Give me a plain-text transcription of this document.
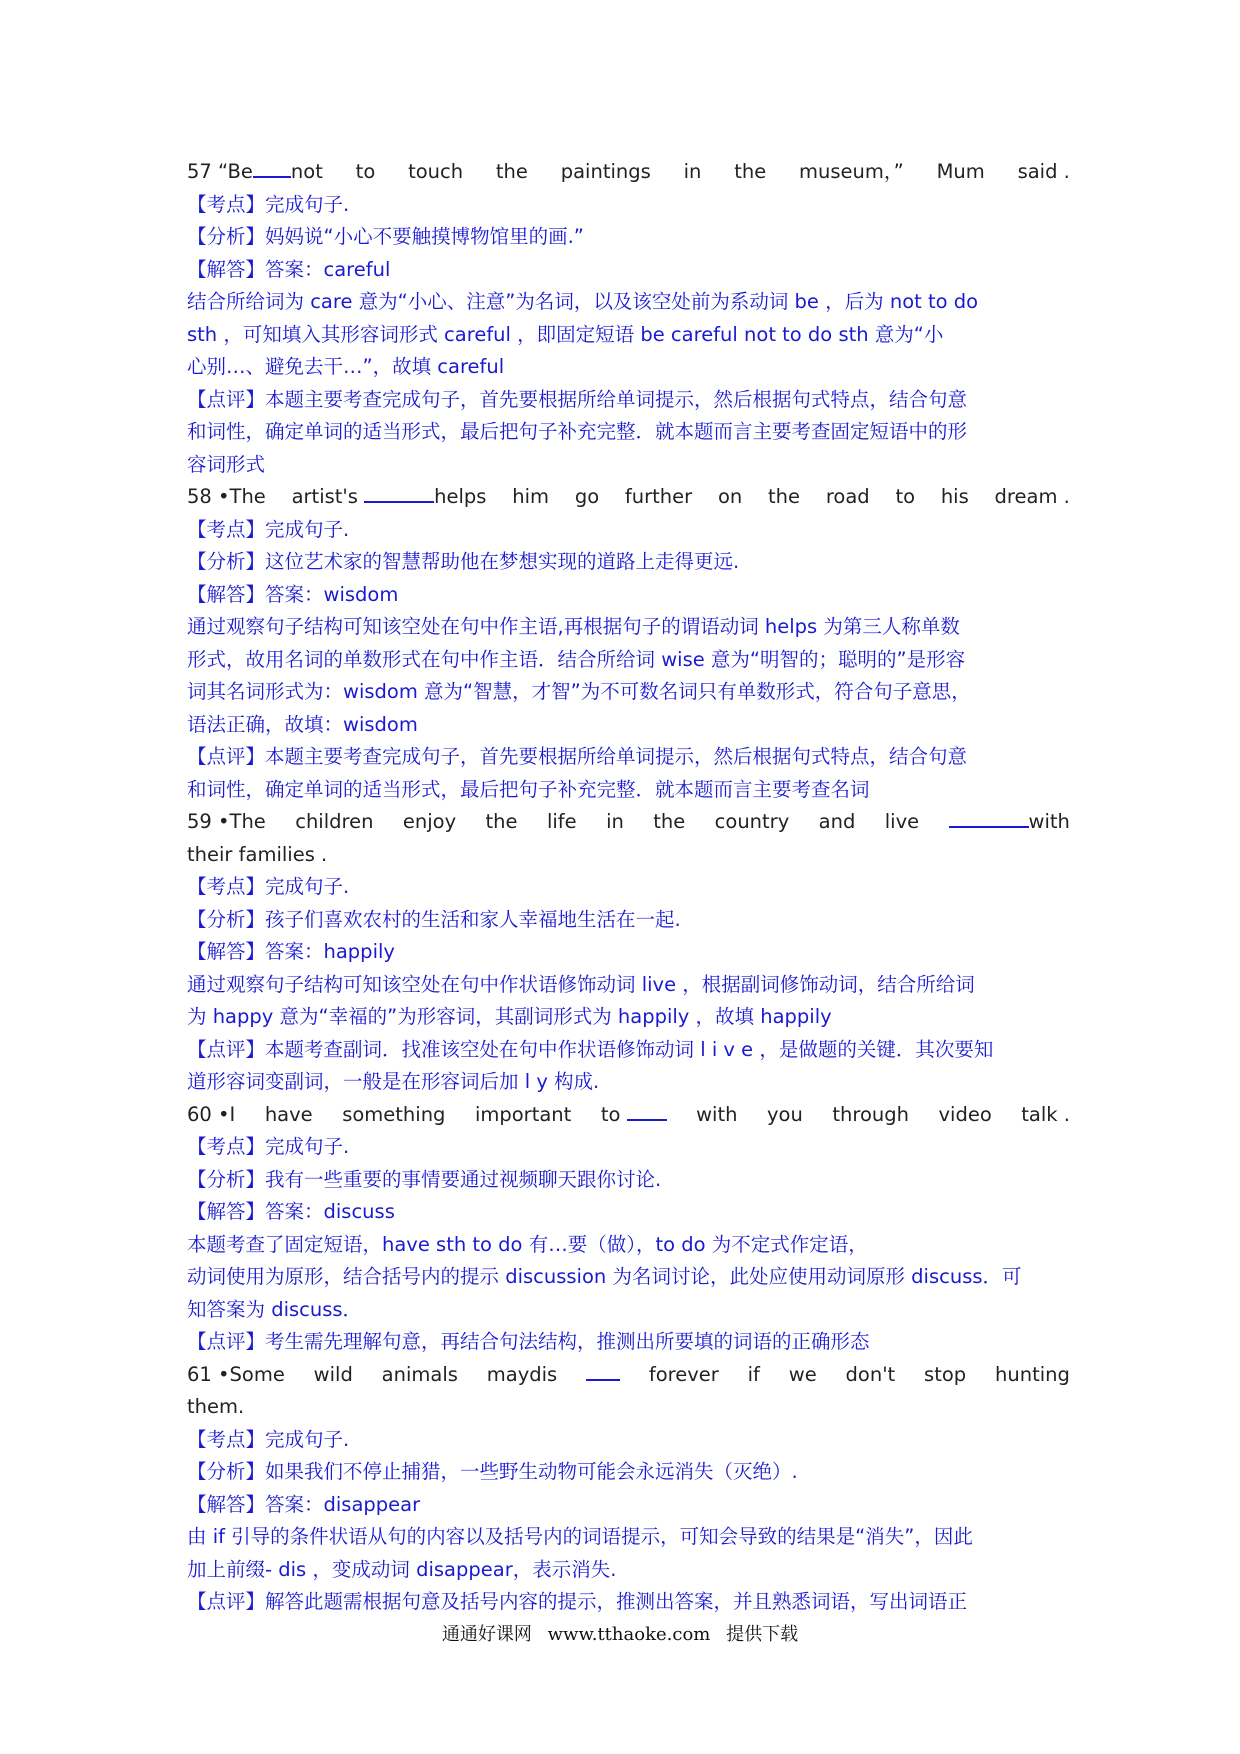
57 “Be not to touch the paintings in the museum，” Mum said .
【考点】完成句子.
【分析】妈妈说“小心不要触摸博物馆里的画.”
【解答】答案：careful
结合所给词为 care 意为“小心、注意”为名词，以及该空处前为系动词 be ，后为 not to do
sth ，可知填入其形容词形式 careful ，即固定短语 be careful not to do sth 意为“小
心别…、避免去干…”，故填 careful
【点评】本题主要考查完成句子，首先要根据所给单词提示，然后根据句式特点，结合句意
和词性，确定单词的适当形式，最后把句子补充完整．就本题而言主要考查固定短语中的形
容词形式
58 •The artist's	helps him go further on the road to his dream .
【考点】完成句子.
【分析】这位艺术家的智慧帮助他在梦想实现的道路上走得更远.
【解答】答案：wisdom
通过观察句子结构可知该空处在句中作主语,再根据句子的谓语动词 helps 为第三人称单数
形式，故用名词的单数形式在句中作主语．结合所给词 wise 意为“明智的；聪明的”是形容
词其名词形式为：wisdom 意为“智慧，才智”为不可数名词只有单数形式，符合句子意思，
语法正确，故填：wisdom
【点评】本题主要考查完成句子，首先要根据所给单词提示，然后根据句式特点，结合句意
和词性，确定单词的适当形式，最后把句子补充完整．就本题而言主要考查名词
59 •The children enjoy the life in the country and live	with
their families .
【考点】完成句子.
【分析】孩子们喜欢农村的生活和家人幸福地生活在一起.
【解答】答案：happily
通过观察句子结构可知该空处在句中作状语修饰动词 live ，根据副词修饰动词，结合所给词
为 happy 意为“幸福的”为形容词，其副词形式为 happily ，故填 happily
【点评】本题考查副词．找准该空处在句中作状语修饰动词 l i v e ，是做题的关键．其次要知
道形容词变副词，一般是在形容词后加 l y 构成.
60 •I have something important to	with you through video talk .
【考点】完成句子.
【分析】我有一些重要的事情要通过视频聊天跟你讨论.
【解答】答案：discuss
本题考查了固定短语，have sth to do 有…要（做），to do 为不定式作定语，
动词使用为原形，结合括号内的提示 discussion 为名词讨论，此处应使用动词原形 discuss．可
知答案为 discuss．
【点评】考生需先理解句意，再结合句法结构，推测出所要填的词语的正确形态
61 •Some wild animals maydis	forever if we don't stop hunting
them.
【考点】完成句子.
【分析】如果我们不停止捕猎，一些野生动物可能会永远消失（灭绝）.
【解答】答案：disappear
由 if 引导的条件状语从句的内容以及括号内的词语提示，可知会导致的结果是“消失”，因此
加上前缀- dis ，变成动词 disappear，表示消失.
【点评】解答此题需根据句意及括号内容的提示，推测出答案，并且熟悉词语，写出词语正
通通好课网 www.tthaoke.com 提供下载
